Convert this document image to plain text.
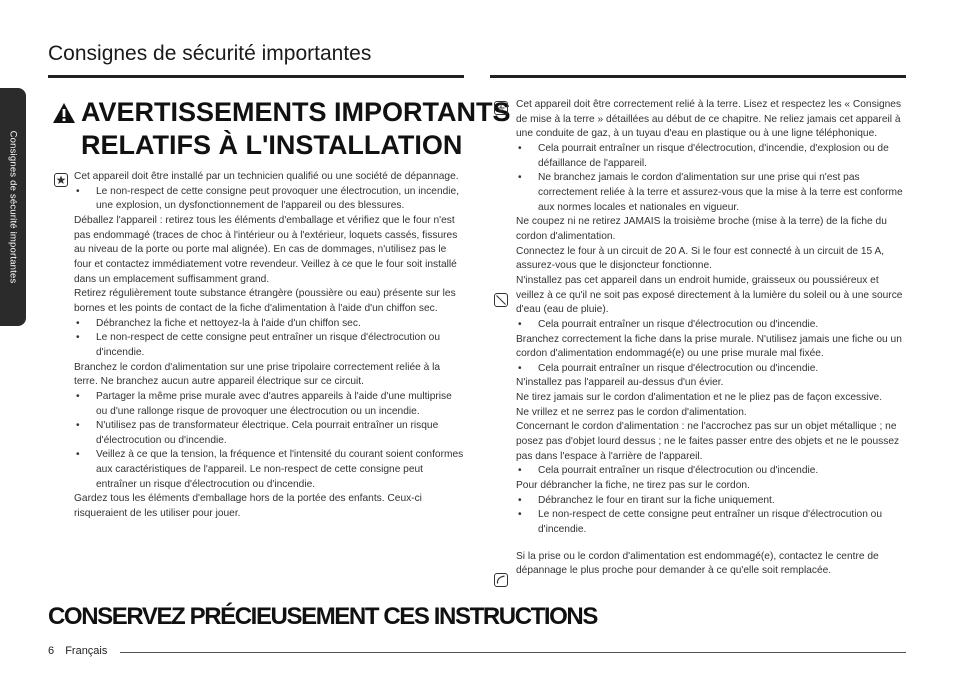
Consignes de sécurité importantes
Consignes de sécurité importantes
AVERTISSEMENTS IMPORTANTS
RELATIFS À L'INSTALLATION

Cet appareil doit être installé par un technicien qualifié ou une société de dépannage.

• Le non-respect de cette consigne peut provoquer une électrocution, un incendie, une explosion, un dysfonctionnement de l'appareil ou des blessures.

Déballez l'appareil : retirez tous les éléments d'emballage et vérifiez que le four n'est pas endommagé (traces de choc à l'intérieur ou à l'extérieur, loquets cassés, fissures au niveau de la porte ou porte mal alignée). En cas de dommages, n'utilisez pas le four et contactez immédiatement votre revendeur. Veillez à ce que le four soit installé dans un emplacement suffisamment grand.

Retirez régulièrement toute substance étrangère (poussière ou eau) présente sur les bornes et les points de contact de la fiche d'alimentation à l'aide d'un chiffon sec.

• Débranchez la fiche et nettoyez-la à l'aide d'un chiffon sec.

• Le non-respect de cette consigne peut entraîner un risque d'électrocution ou d'incendie.

Branchez le cordon d'alimentation sur une prise tripolaire correctement reliée à la terre. Ne branchez aucun autre appareil électrique sur ce circuit.

• Partager la même prise murale avec d'autres appareils à l'aide d'une multiprise ou d'une rallonge risque de provoquer une électrocution ou un incendie.

• N'utilisez pas de transformateur électrique. Cela pourrait entraîner un risque d'électrocution ou d'incendie.

• Veillez à ce que la tension, la fréquence et l'intensité du courant soient conformes aux caractéristiques de l'appareil. Le non-respect de cette consigne peut entraîner un risque d'électrocution ou d'incendie.

Gardez tous les éléments d'emballage hors de la portée des enfants. Ceux-ci risqueraient de les utiliser pour jouer.

Cet appareil doit être correctement relié à la terre. Lisez et respectez les « Consignes de mise à la terre » détaillées au début de ce chapitre. Ne reliez jamais cet appareil à une conduite de gaz, à un tuyau d'eau en plastique ou à une ligne téléphonique.

• Cela pourrait entraîner un risque d'électrocution, d'incendie, d'explosion ou de défaillance de l'appareil.

• Ne branchez jamais le cordon d'alimentation sur une prise qui n'est pas correctement reliée à la terre et assurez-vous que la mise à la terre est conforme aux normes locales et nationales en vigueur.

Ne coupez ni ne retirez JAMAIS la troisième broche (mise à la terre) de la fiche du cordon d'alimentation.

Connectez le four à un circuit de 20 A. Si le four est connecté à un circuit de 15 A, assurez-vous que le disjoncteur fonctionne.

N'installez pas cet appareil dans un endroit humide, graisseux ou poussiéreux et veillez à ce qu'il ne soit pas exposé directement à la lumière du soleil ou à une source d'eau (eau de pluie).

• Cela pourrait entraîner un risque d'électrocution ou d'incendie.

Branchez correctement la fiche dans la prise murale. N'utilisez jamais une fiche ou un cordon d'alimentation endommagé(e) ou une prise murale mal fixée.

• Cela pourrait entraîner un risque d'électrocution ou d'incendie.

N'installez pas l'appareil au-dessus d'un évier.

Ne tirez jamais sur le cordon d'alimentation et ne le pliez pas de façon excessive.

Ne vrillez et ne serrez pas le cordon d'alimentation.

Concernant le cordon d'alimentation : ne l'accrochez pas sur un objet métallique ; ne posez pas d'objet lourd dessus ; ne le faites passer entre des objets et ne le poussez pas dans l'espace à l'arrière de l'appareil.

• Cela pourrait entraîner un risque d'électrocution ou d'incendie.

Pour débrancher la fiche, ne tirez pas sur le cordon.

• Débranchez le four en tirant sur la fiche uniquement.

• Le non-respect de cette consigne peut entraîner un risque d'électrocution ou d'incendie.

Si la prise ou le cordon d'alimentation est endommagé(e), contactez le centre de dépannage le plus proche pour demander à ce qu'elle soit remplacée.

CONSERVEZ PRÉCIEUSEMENT CES INSTRUCTIONS
6 Français
